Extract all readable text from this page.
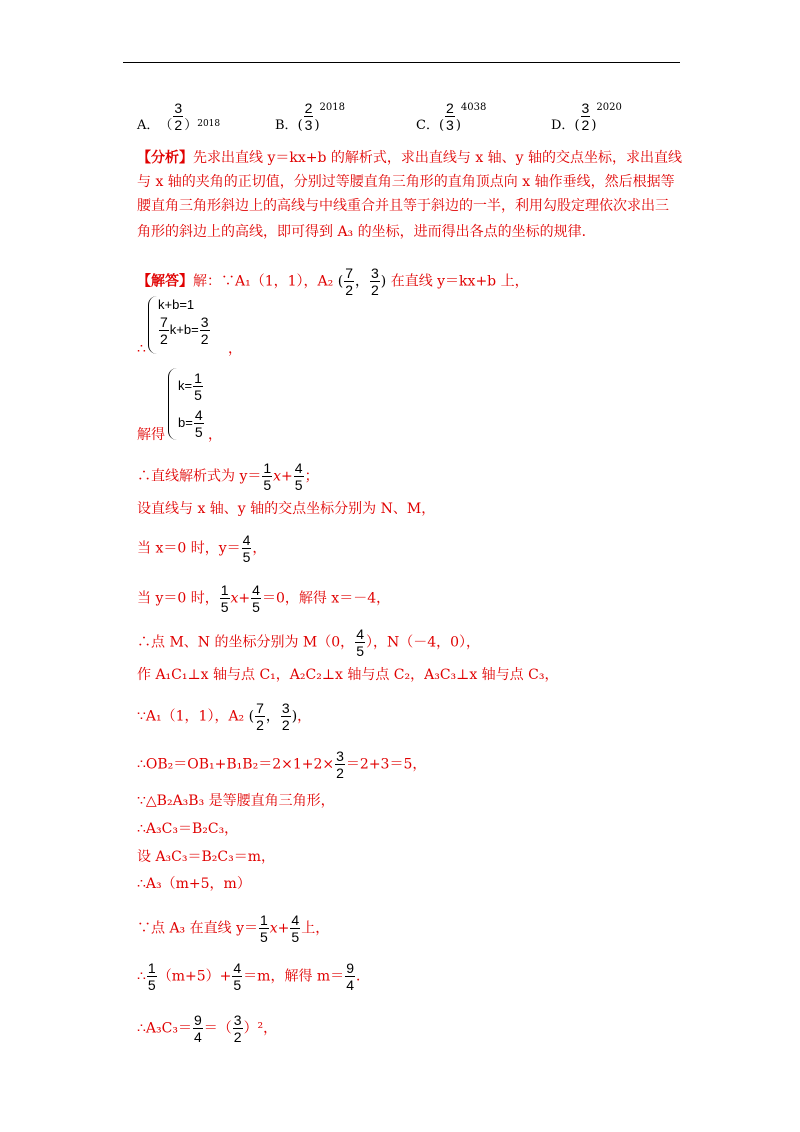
A． （ $\frac{3}{2}$ ） 2018	B． ( $\frac{2}{3}$ )
2018
C． ( $\frac{2}{3}$ )
4038
D． ( $\frac{3}{2}$ )
2020
【分析】先求出直线 y＝kx+b 的解析式，求出直线与 x 轴、y 轴的交点坐标，求出直线
与 x 轴的夹角的正切值，分别过等腰直角三角形的直角顶点向 x 轴作垂线，然后根据等
腰直角三角形斜边上的高线与中线重合并且等于斜边的一半，利用勾股定理依次求出三
角形的斜边上的高线，即可得到 A₃ 的坐标，进而得出各点的坐标的规律．
【解答】解：∵A₁（1，1），A₂ ( $\frac{7}{2}$ ， $\frac{3}{2}$ ) 在直线 y＝kx+b 上，
k+b=1
$\frac{7}{2} k+b= \frac{3}{2}$
∴	，
$k= \frac{1}{5}$
$b= \frac{4}{5}$
解得	，
∴直线解析式为 $y= \frac{1}{5} x+ \frac{4}{5}$ ；
设直线与 x 轴、y 轴的交点坐标分别为 N、M，
当 x＝0 时，$y= \frac{4}{5}$ ，
当 y＝0 时， $\frac{1}{5} x+ \frac{4}{5} =0$，解得 x＝－4，
∴点 M、N 的坐标分别为 M（0， $\frac{4}{5}$ ），N（－4，0），
作 A₁C₁⊥x 轴与点 C₁，A₂C₂⊥x 轴与点 C₂，A₃C₃⊥x 轴与点 C₃，
∵A₁（1，1），A₂ ( $\frac{7}{2}$ ， $\frac{3}{2}$ )，
∴OB₂＝OB₁+B₁B₂＝2×1+2× $\frac{3}{2} =2+3=5$，
∵△B₂A₃B₃ 是等腰直角三角形，
∴A₃C₃＝B₂C₃，
设 A₃C₃＝B₂C₃＝m，
∴A₃（m+5，m）
∵点 A₃ 在直线 $y= \frac{1}{5} x+ \frac{4}{5}$ 上，
∴ $\frac{1}{5} (m+5)+ \frac{4}{5} =m$，解得 $m= \frac{9}{4}$ ．
∴A₃C₃＝ $\frac{9}{4}$ ＝（ $\frac{3}{2} )^2$，
